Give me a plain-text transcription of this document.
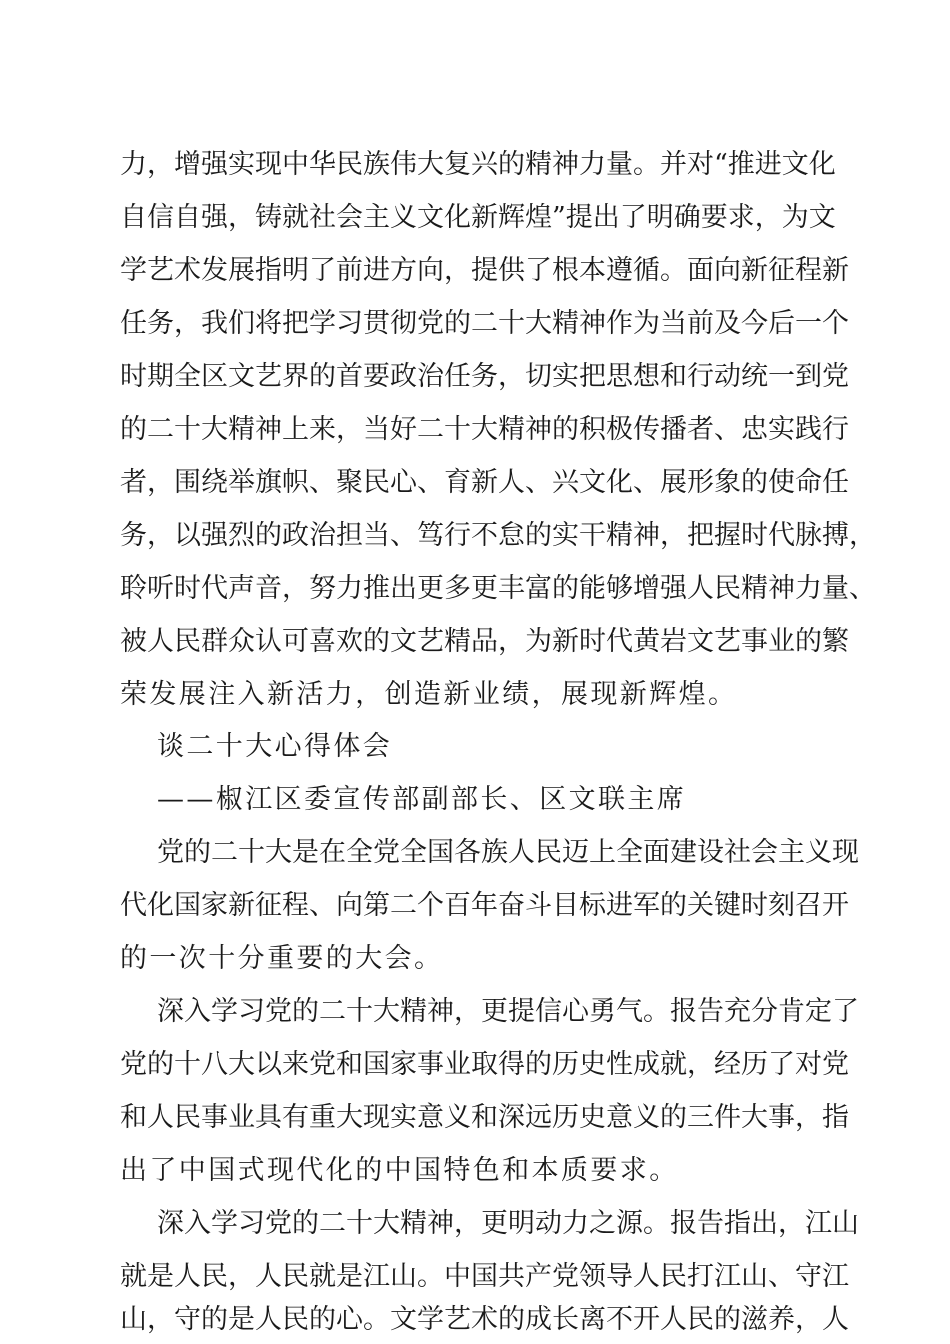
力，增强实现中华民族伟大复兴的精神力量。并对“推进文化
自信自强，铸就社会主义文化新辉煌”提出了明确要求，为文
学艺术发展指明了前进方向，提供了根本遵循。面向新征程新
任务，我们将把学习贯彻党的二十大精神作为当前及今后一个
时期全区文艺界的首要政治任务，切实把思想和行动统一到党
的二十大精神上来，当好二十大精神的积极传播者、忠实践行
者，围绕举旗帜、聚民心、育新人、兴文化、展形象的使命任
务，以强烈的政治担当、笃行不怠的实干精神，把握时代脉搏，
聆听时代声音，努力推出更多更丰富的能够增强人民精神力量、
被人民群众认可喜欢的文艺精品，为新时代黄岩文艺事业的繁
荣发展注入新活力，创造新业绩，展现新辉煌。
谈二十大心得体会
——椒江区委宣传部副部长、区文联主席
党的二十大是在全党全国各族人民迈上全面建设社会主义现
代化国家新征程、向第二个百年奋斗目标进军的关键时刻召开
的一次十分重要的大会。
深入学习党的二十大精神，更提信心勇气。报告充分肯定了
党的十八大以来党和国家事业取得的历史性成就，经历了对党
和人民事业具有重大现实意义和深远历史意义的三件大事，指
出了中国式现代化的中国特色和本质要求。
深入学习党的二十大精神，更明动力之源。报告指出，江山
就是人民，人民就是江山。中国共产党领导人民打江山、守江
山，守的是人民的心。文学艺术的成长离不开人民的滋养，人
